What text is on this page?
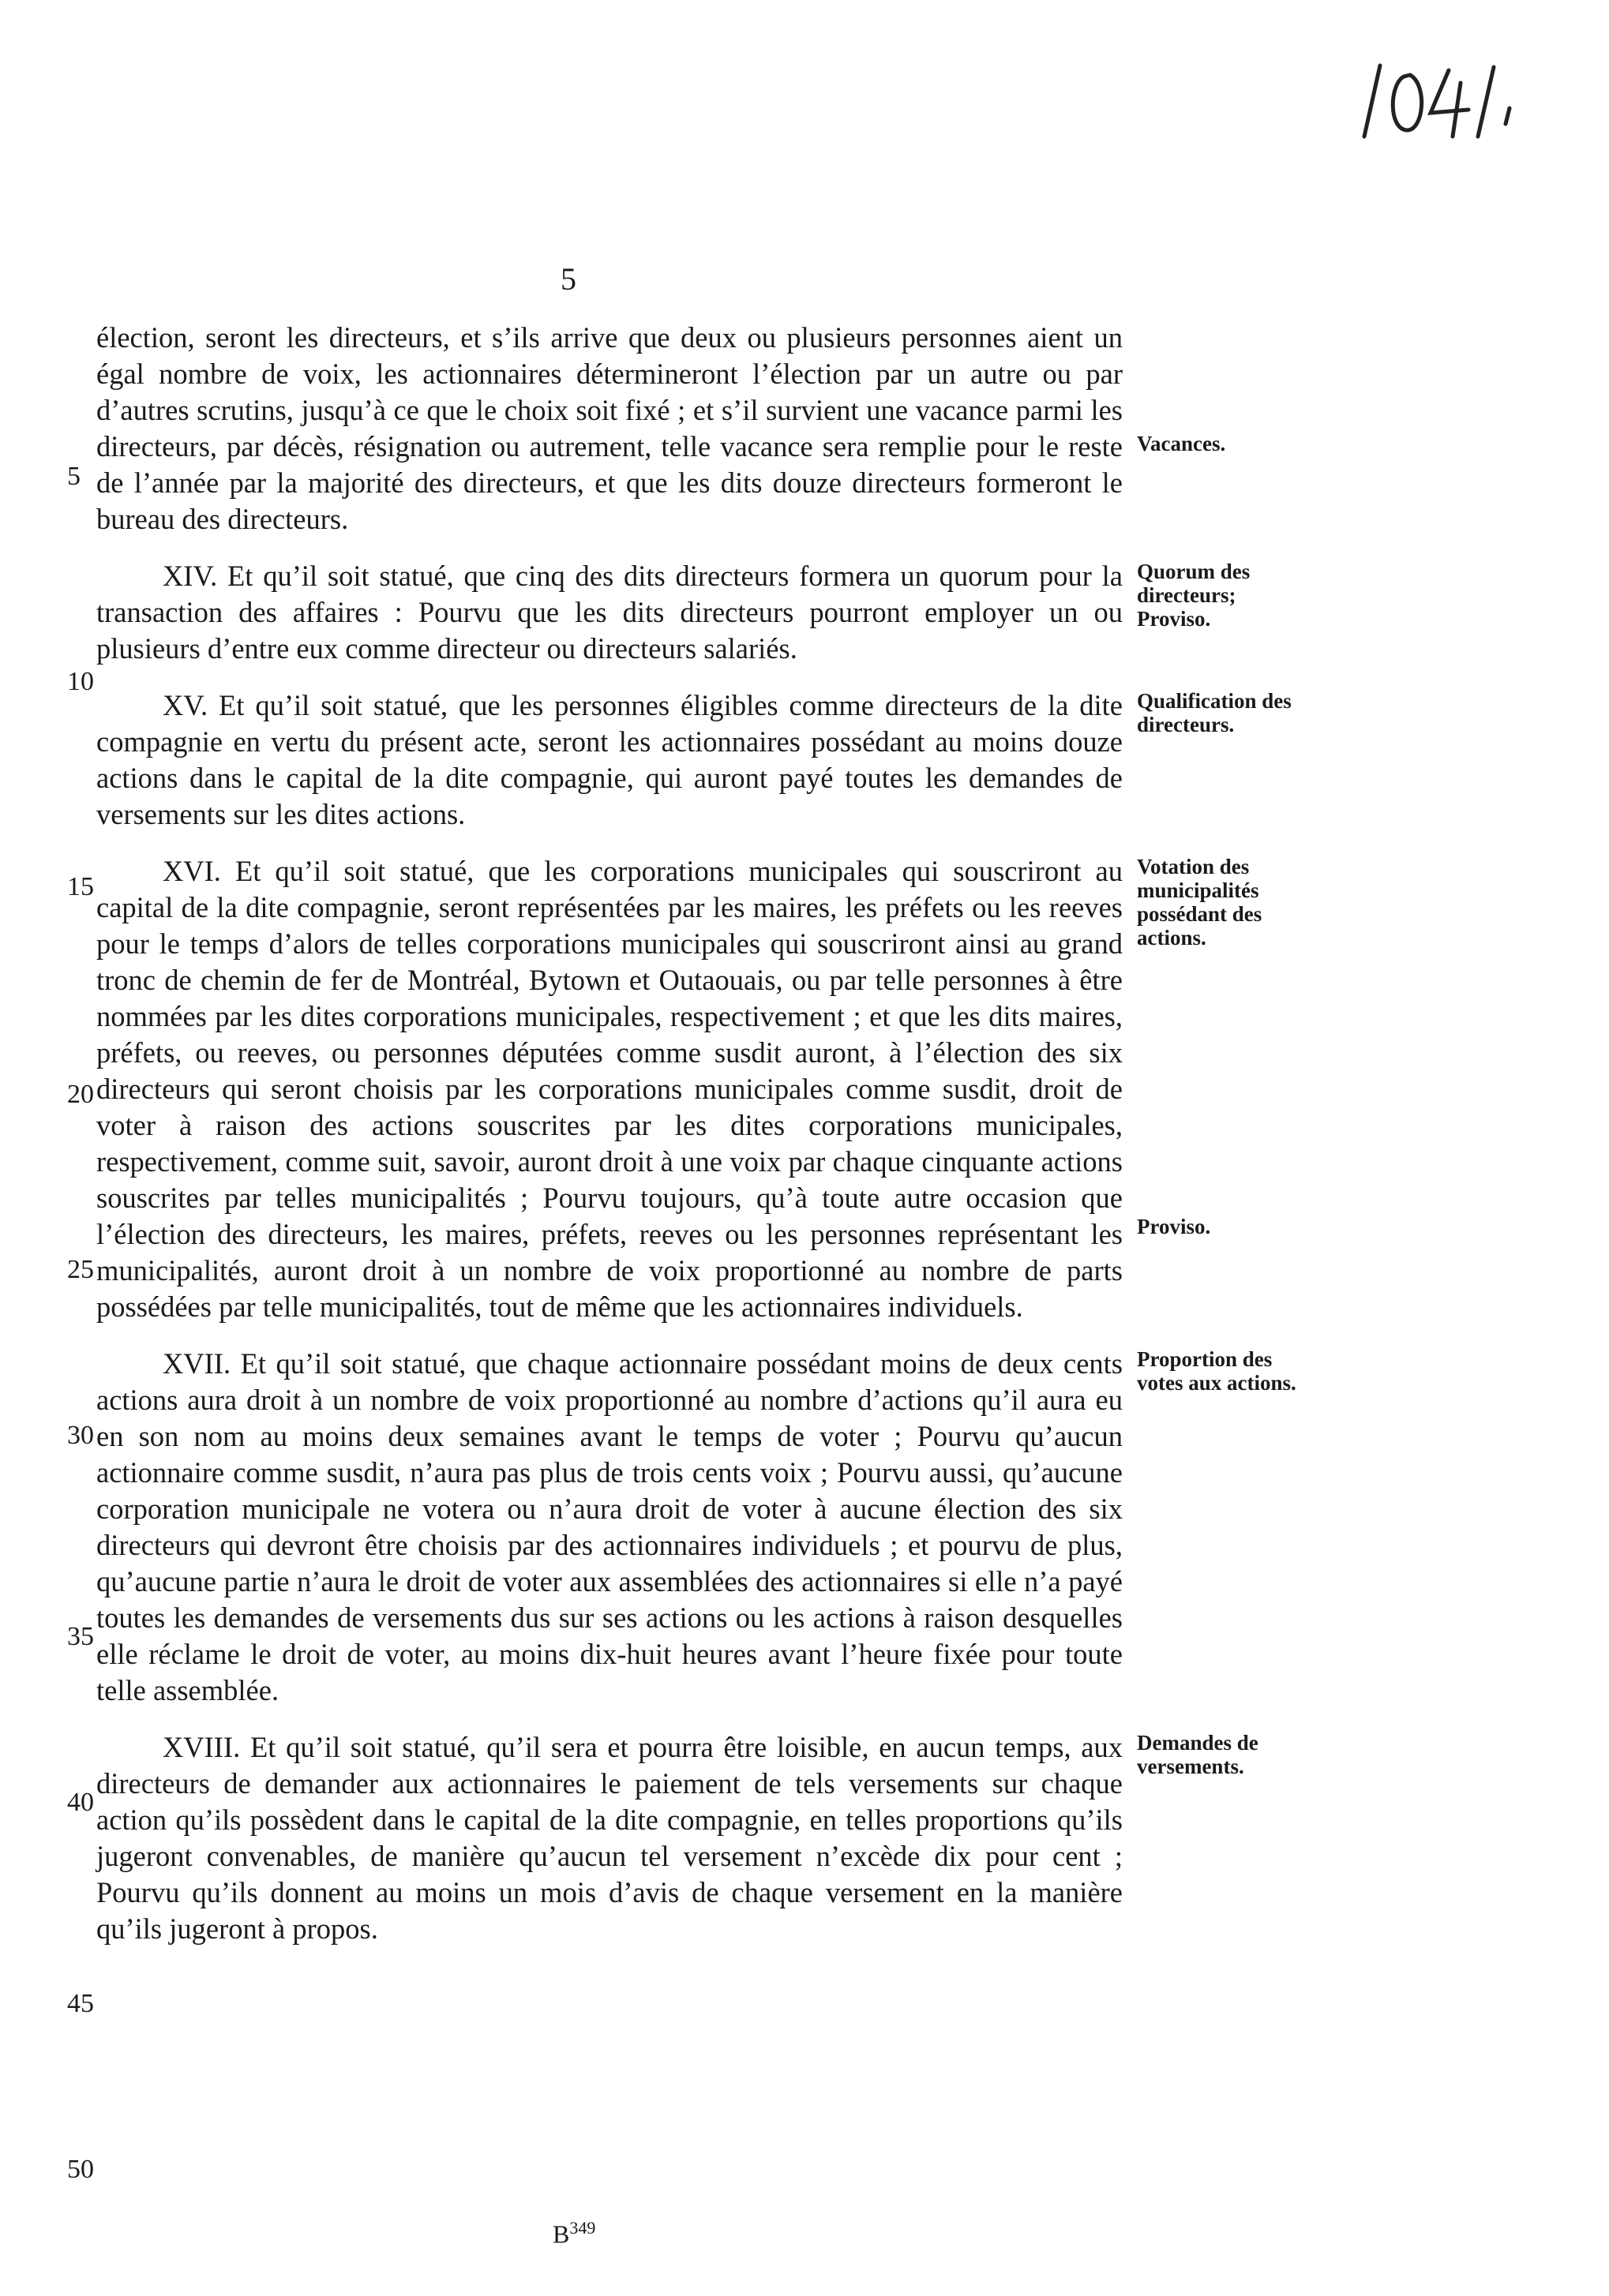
5

élection, seront les directeurs, et s’ils arrive que deux ou plusieurs personnes aient un égal nombre de voix, les actionnaires détermineront l’élection par un autre ou par d’autres scrutins, jusqu’à ce que le choix soit fixé ; et s’il survient une vacance parmi les directeurs, par décès, résignation ou autrement, telle vacance sera remplie pour le reste de l’année par la majorité des directeurs, et que les dits douze directeurs formeront le bureau des directeurs.

Vacances.

XIV. Et qu’il soit statué, que cinq des dits directeurs formera un quorum pour la transaction des affaires : Pourvu que les dits directeurs pourront employer un ou plusieurs d’entre eux comme directeur ou directeurs salariés.

Quorum des directeurs; Proviso.

XV. Et qu’il soit statué, que les personnes éligibles comme directeurs de la dite compagnie en vertu du présent acte, seront les actionnaires possédant au moins douze actions dans le capital de la dite compagnie, qui auront payé toutes les demandes de versements sur les dites actions.

Qualification des directeurs.

XVI. Et qu’il soit statué, que les corporations municipales qui souscriront au capital de la dite compagnie, seront représentées par les maires, les préfets ou les reeves pour le temps d’alors de telles corporations municipales qui souscriront ainsi au grand tronc de chemin de fer de Montréal, Bytown et Outaouais, ou par telle personnes à être nommées par les dites corporations municipales, respectivement ; et que les dits maires, préfets, ou reeves, ou personnes députées comme susdit auront, à l’élection des six directeurs qui seront choisis par les corporations municipales comme susdit, droit de voter à raison des actions souscrites par les dites corporations municipales, respectivement, comme suit, savoir, auront droit à une voix par chaque cinquante actions souscrites par telles municipalités ; Pourvu toujours, qu’à toute autre occasion que l’élection des directeurs, les maires, préfets, reeves ou les personnes représentant les municipalités, auront droit à un nombre de voix proportionné au nombre de parts possédées par telle municipalités, tout de même que les actionnaires individuels.

Votation des municipalités possédant des actions.
Proviso.

XVII. Et qu’il soit statué, que chaque actionnaire possédant moins de deux cents actions aura droit à un nombre de voix proportionné au nombre d’actions qu’il aura eu en son nom au moins deux semaines avant le temps de voter ; Pourvu qu’aucun actionnaire comme susdit, n’aura pas plus de trois cents voix ; Pourvu aussi, qu’aucune corporation municipale ne votera ou n’aura droit de voter à aucune élection des six directeurs qui devront être choisis par des actionnaires individuels ; et pourvu de plus, qu’aucune partie n’aura le droit de voter aux assemblées des actionnaires si elle n’a payé toutes les demandes de versements dus sur ses actions ou les actions à raison desquelles elle réclame le droit de voter, au moins dix-huit heures avant l’heure fixée pour toute telle assemblée.

Proportion des votes aux actions.

XVIII. Et qu’il soit statué, qu’il sera et pourra être loisible, en aucun temps, aux directeurs de demander aux actionnaires le paiement de tels versements sur chaque action qu’ils possèdent dans le capital de la dite compagnie, en telles proportions qu’ils jugeront convenables, de manière qu’aucun tel versement n’excède dix pour cent ; Pourvu qu’ils donnent au moins un mois d’avis de chaque versement en la manière qu’ils jugeront à propos.

Demandes de versements.
5
10
15
20
25
30
35
40
45
50
$B^{349}$
